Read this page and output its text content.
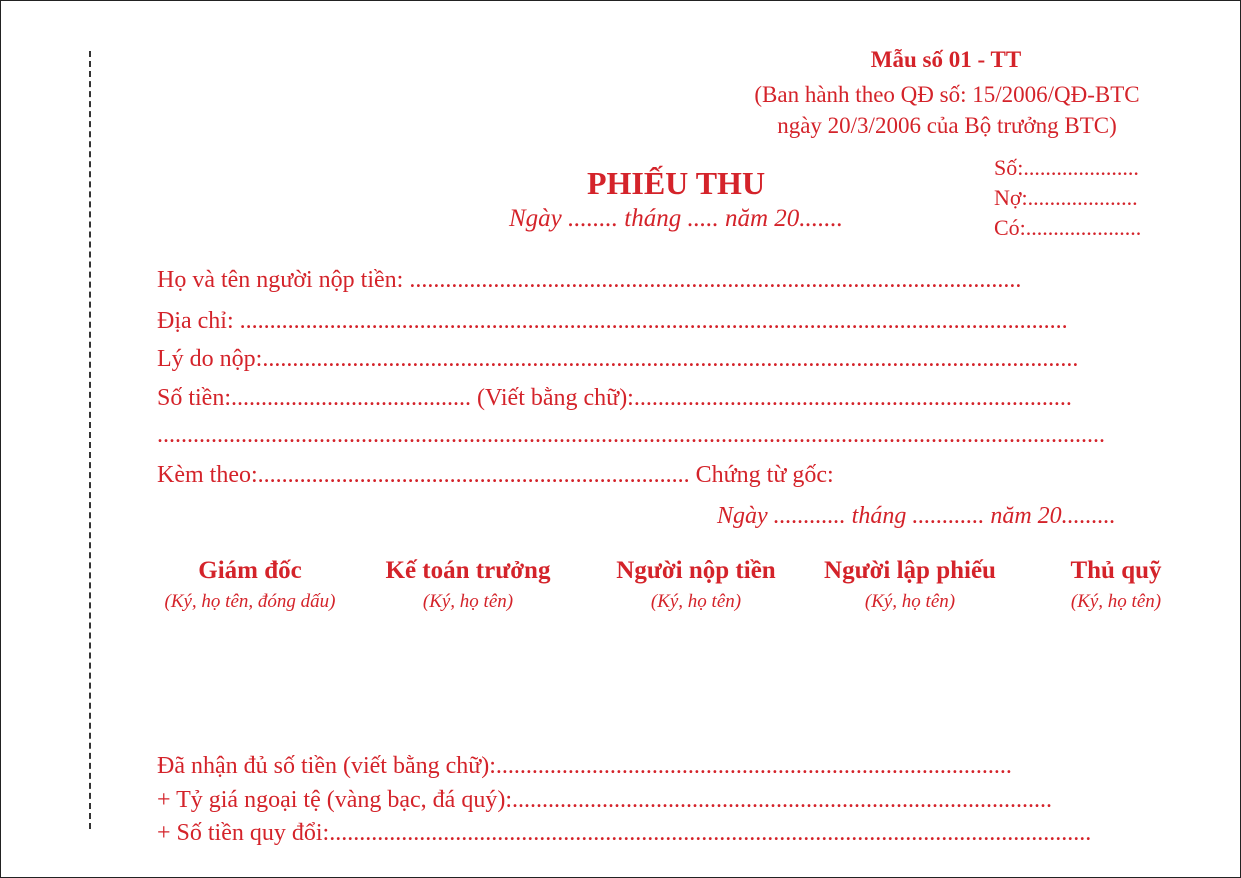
Mẫu số 01 - TT
(Ban hành theo QĐ số: 15/2006/QĐ-BTC
ngày 20/3/2006 của Bộ trưởng BTC)
PHIẾU THU
Ngày ........ tháng ..... năm 20.......
Số:.....................
Nợ:....................
Có:.....................
Họ và tên người nộp tiền: ......................................................................................................
Địa chỉ: ..........................................................................................................................................
Lý do nộp:........................................................................................................................................
Số tiền:........................................ (Viết bằng chữ):.........................................................................
..............................................................................................................................................................
Kèm theo:........................................................................ Chứng từ gốc:
Ngày ............ tháng ............ năm 20.........
Giám đốc
(Ký, họ tên, đóng dấu)
Kế toán trưởng
(Ký, họ tên)
Người nộp tiền
(Ký, họ tên)
Người lập phiếu
(Ký, họ tên)
Thủ quỹ
(Ký, họ tên)
Đã nhận đủ số tiền (viết bằng chữ):......................................................................................
+ Tỷ giá ngoại tệ (vàng bạc, đá quý):..........................................................................................
+ Số tiền quy đổi:...............................................................................................................................
